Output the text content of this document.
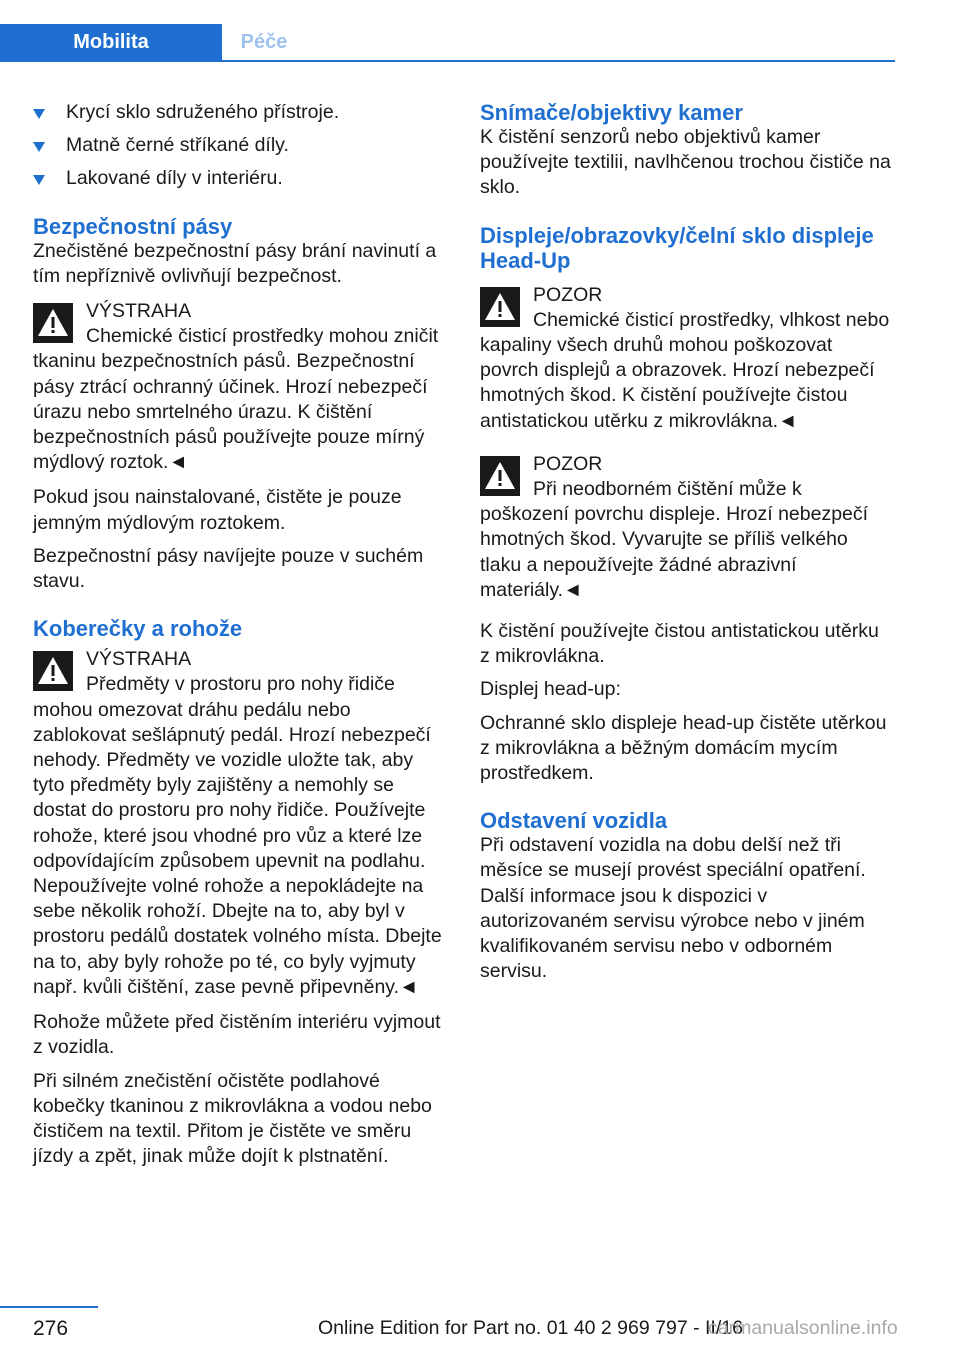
Mobilita	Péče
Krycí sklo sdruženého přístroje.
Matně černé stříkané díly.
Lakované díly v interiéru.
Bezpečnostní pásy

Znečistěné bezpečnostní pásy brání navinutí a tím nepříznivě ovlivňují bezpečnost.

VÝSTRAHA
Chemické čisticí prostředky mohou zničit tkaninu bezpečnostních pásů. Bezpečnostní pásy ztrácí ochranný účinek. Hrozí nebezpečí úrazu nebo smrtelného úrazu. K čištění bezpečnostních pásů používejte pouze mírný mýdlový roztok.◄

Pokud jsou nainstalované, čistěte je pouze jemným mýdlovým roztokem.

Bezpečnostní pásy navíjejte pouze v suchém stavu.

Koberečky a rohože
VÝSTRAHA
Předměty v prostoru pro nohy řidiče mohou omezovat dráhu pedálu nebo zablokovat sešlápnutý pedál. Hrozí nebezpečí nehody. Předměty ve vozidle uložte tak, aby tyto předměty byly zajištěny a nemohly se dostat do prostoru pro nohy řidiče. Používejte rohože, které jsou vhodné pro vůz a které lze odpovídajícím způsobem upevnit na podlahu. Nepoužívejte volné rohože a nepokládejte na sebe několik rohoží. Dbejte na to, aby byl v prostoru pedálů dostatek volného místa. Dbejte na to, aby byly rohože po té, co byly vyjmuty např. kvůli čištění, zase pevně připevněny.◄

Rohože můžete před čistěním interiéru vyjmout z vozidla.

Při silném znečistění očistěte podlahové kobečky tkaninou z mikrovlákna a vodou nebo čističem na textil. Přitom je čistěte ve směru jízdy a zpět, jinak může dojít k plstnatění.

Snímače/objektivy kamer

K čistění senzorů nebo objektivů kamer používejte textilii, navlhčenou trochou čističe na sklo.

Displeje/obrazovky/čelní sklo displeje Head-Up
POZOR
Chemické čisticí prostředky, vlhkost nebo kapaliny všech druhů mohou poškozovat povrch displejů a obrazovek. Hrozí nebezpečí hmotných škod. K čistění používejte čistou antistatickou utěrku z mikrovlákna.◄
POZOR
Při neodborném čištění může k poškození povrchu displeje. Hrozí nebezpečí hmotných škod. Vyvarujte se příliš velkého tlaku a nepoužívejte žádné abrazivní materiály.◄

K čistění používejte čistou antistatickou utěrku z mikrovlákna.

Displej head-up:

Ochranné sklo displeje head-up čistěte utěrkou z mikrovlákna a běžným domácím mycím prostředkem.

Odstavení vozidla

Při odstavení vozidla na dobu delší než tři měsíce se musejí provést speciální opatření. Další informace jsou k dispozici v autorizovaném servisu výrobce nebo v jiném kvalifikovaném servisu nebo v odborném servisu.

276	Online Edition for Part no. 01 40 2 969 797 - II/16
carmanualsonline.info
